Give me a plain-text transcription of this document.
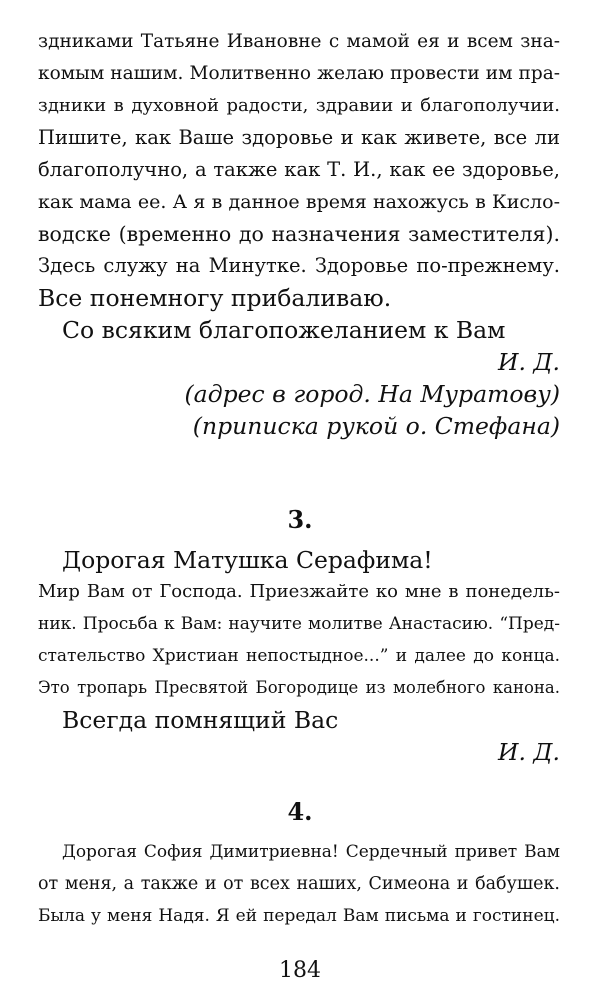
здниками Татьяне Ивановне с мамой ея и всем зна-
комым нашим. Молитвенно желаю провести им пра-
здники в духовной радости, здравии и благополучии.
Пишите, как Ваше здоровье и как живете, все ли
благополучно, а также как Т. И., как ее здоровье,
как мама ее. А я в данное время нахожусь в Кисло-
водске (временно до назначения заместителя).
Здесь служу на Минутке. Здоровье по-прежнему.
Все понемногу прибаливаю.
Со всяким благопожеланием к Вам
И. Д.
(адрес в город. На Муратову)
(приписка рукой о. Стефана)
3.
Дорогая Матушка Серафима!
Мир Вам от Господа. Приезжайте ко мне в понедель-
ник. Просьба к Вам: научите молитве Анастасию. “Пред-
стательство Христиан непостыдное...” и далее до конца.
Это тропарь Пресвятой Богородице из молебного канона.
Всегда помнящий Вас
И. Д.
4.
Дорогая София Димитриевна! Сердечный привет Вам
от меня, а также и от всех наших, Симеона и бабушек.
Была у меня Надя. Я ей передал Вам письма и гостинец.
184
